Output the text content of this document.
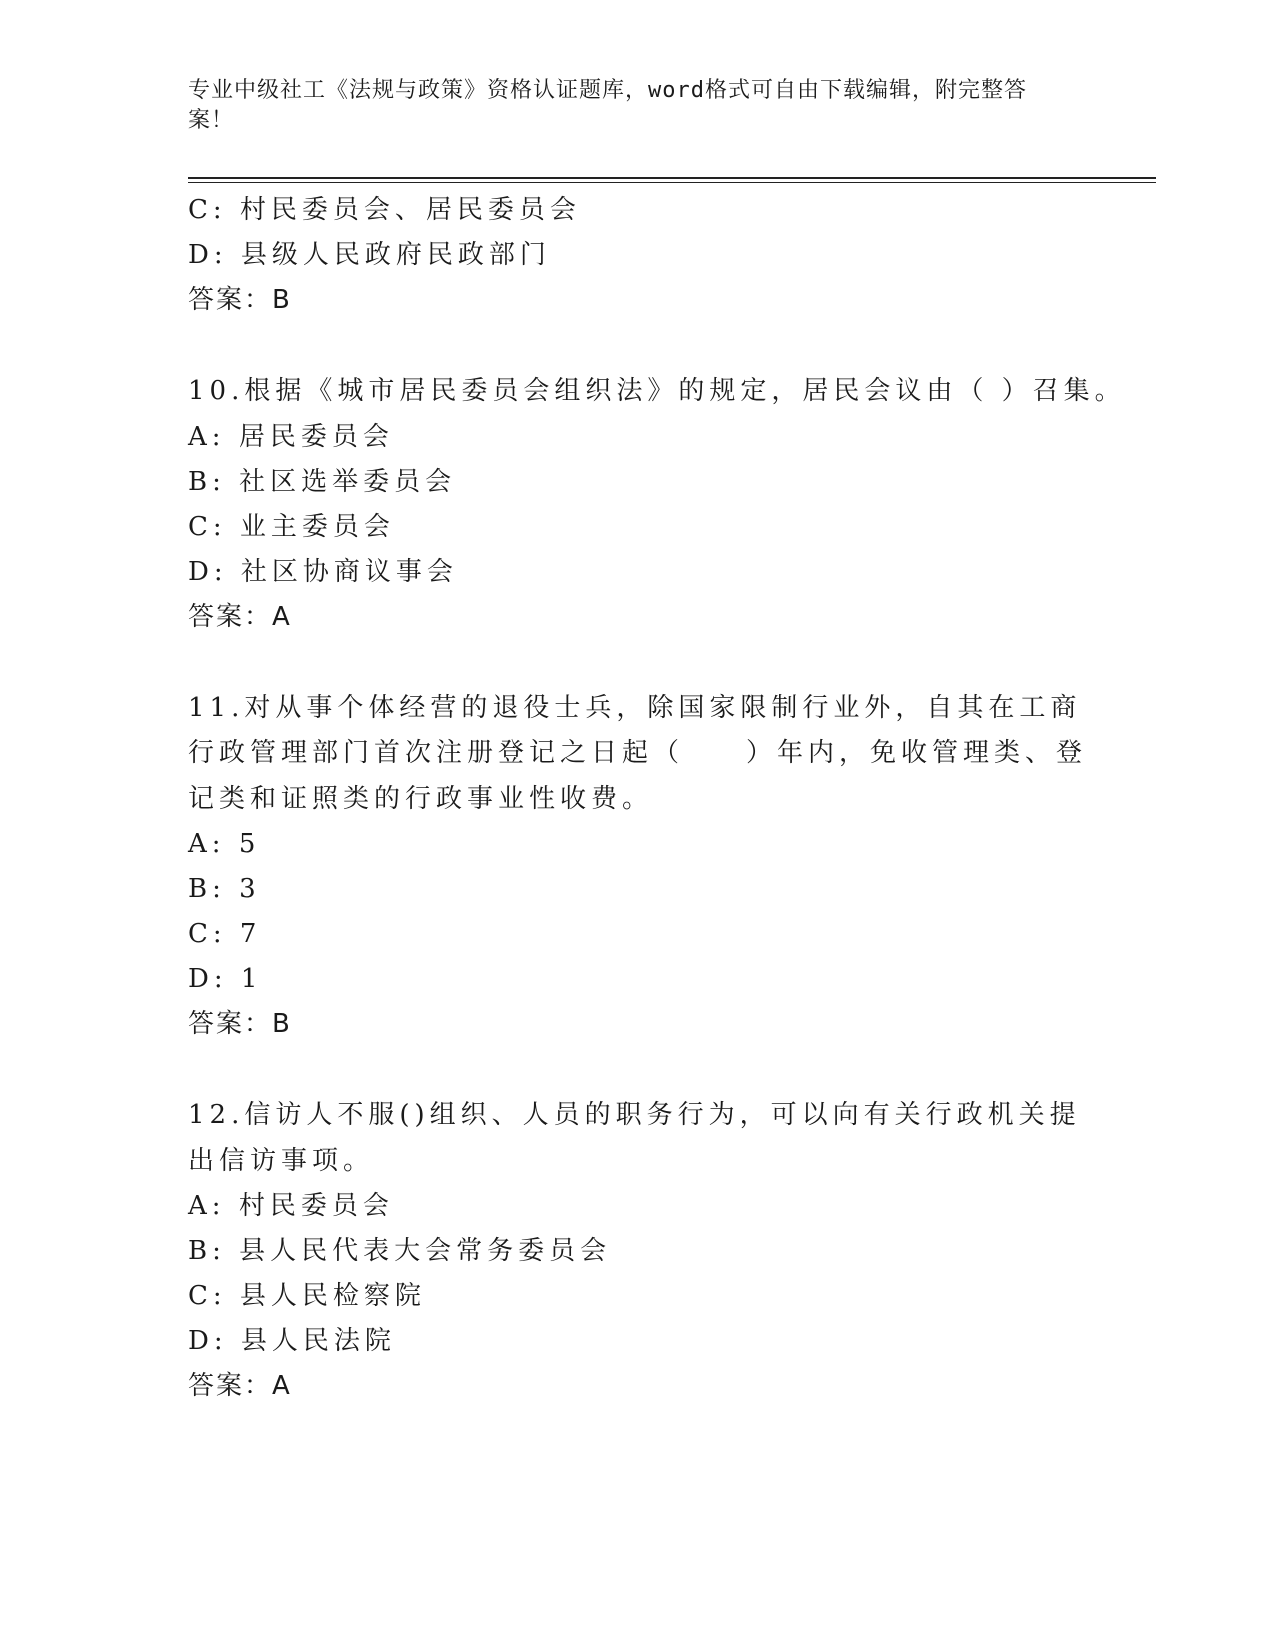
专业中级社工《法规与政策》资格认证题库，word格式可自由下载编辑，附完整答案！
C: 村民委员会、居民委员会
D: 县级人民政府民政部门
答案：B
10.根据《城市居民委员会组织法》的规定，居民会议由（ ）召集。
A: 居民委员会
B: 社区选举委员会
C: 业主委员会
D: 社区协商议事会
答案：A
11.对从事个体经营的退役士兵，除国家限制行业外，自其在工商行政管理部门首次注册登记之日起（　　）年内，免收管理类、登记类和证照类的行政事业性收费。
A: 5
B: 3
C: 7
D: 1
答案：B
12.信访人不服()组织、人员的职务行为，可以向有关行政机关提出信访事项。
A: 村民委员会
B: 县人民代表大会常务委员会
C: 县人民检察院
D: 县人民法院
答案：A
